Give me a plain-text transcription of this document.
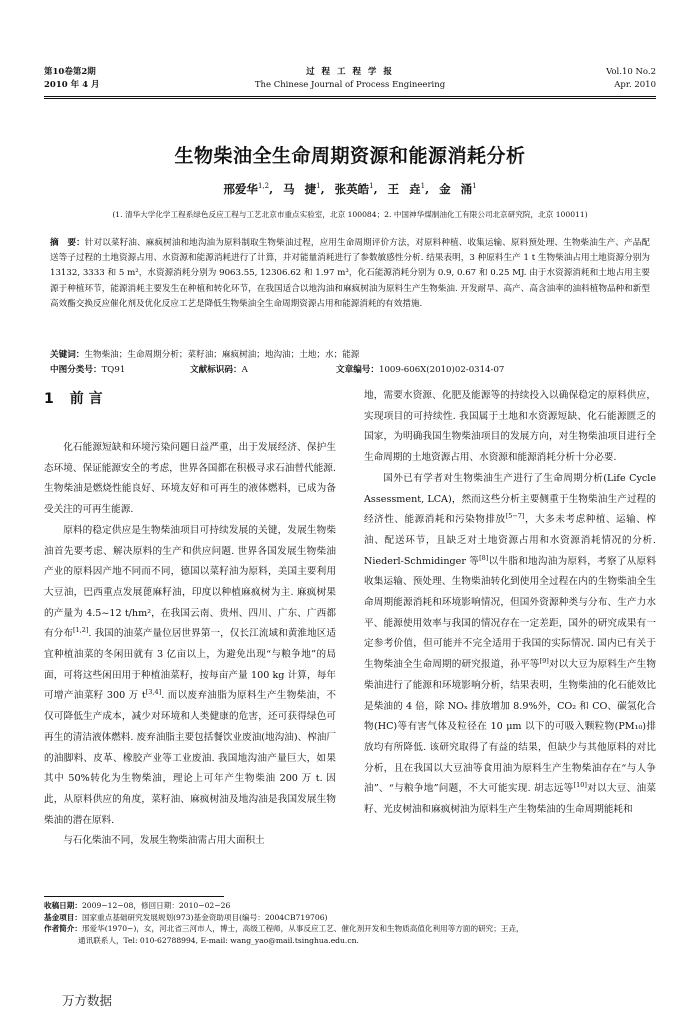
第10卷第2期
2010 年 4 月
过 程 工 程 学 报
The Chinese Journal of Process Engineering
Vol.10 No.2
Apr. 2010
生物柴油全生命周期资源和能源消耗分析
邢爱华$^{1,2}$, 马 捷$^1$, 张英皓$^1$, 王 垚$^1$, 金 涌$^1$
(1. 清华大学化学工程系绿色反应工程与工艺北京市重点实验室，北京 100084；2. 中国神华煤制油化工有限公司北京研究院，北京 100011)
摘　要：针对以菜籽油、麻疯树油和地沟油为原料制取生物柴油过程，应用生命周期评价方法，对原料种植、收集运输、原料预处理、生物柴油生产、产品配送等子过程的土地资源占用、水资源和能源消耗进行了计算，并对能量消耗进行了参数敏感性分析. 结果表明，3 种原料生产 1 t 生物柴油占用土地资源分别为 13132, 3333 和 5 m²，水资源消耗分别为 9063.55, 12306.62 和 1.97 m³，化石能源消耗分别为 0.9, 0.67 和 0.25 MJ. 由于水资源消耗和土地占用主要源于种植环节，能源消耗主要发生在种植和转化环节，在我国适合以地沟油和麻疯树油为原料生产生物柴油. 开发耐旱、高产、高含油率的油料植物品种和新型高效酯交换反应催化剂及优化反应工艺是降低生物柴油全生命周期资源占用和能源消耗的有效措施.
关键词：生物柴油；生命周期分析；菜籽油；麻疯树油；地沟油；土地；水；能源
中图分类号：TQ91	文献标识码：A	文章编号：1009-606X(2010)02-0314-07
1 前 言

化石能源短缺和环境污染问题日益严重，出于发展经济、保护生态环境、保证能源安全的考虑，世界各国都在积极寻求石油替代能源. 生物柴油是燃烧性能良好、环境友好和可再生的液体燃料，已成为备受关注的可再生能源.

原料的稳定供应是生物柴油项目可持续发展的关键，发展生物柴油首先要考虑、解决原料的生产和供应问题. 世界各国发展生物柴油产业的原料因产地不同而不同，德国以菜籽油为原料，美国主要利用大豆油，巴西重点发展蓖麻籽油，印度以种植麻疯树为主. 麻疯树果的产量为 4.5~12 t/hm²，在我国云南、贵州、四川、广东、广西都有分布[1,2]. 我国的油菜产量位居世界第一，仅长江流域和黄淮地区适宜种植油菜的冬闲田就有 3 亿亩以上，为避免出现“与粮争地”的局面，可将这些闲田用于种植油菜籽，按每亩产量 100 kg 计算，每年可增产油菜籽 300 万 t[3,4]. 而以废弃油脂为原料生产生物柴油，不仅可降低生产成本，减少对环境和人类健康的危害，还可获得绿色可再生的清洁液体燃料. 废弃油脂主要包括餐饮业废油(地沟油)、榨油厂的油脚料、皮革、橡胶产业等工业废油. 我国地沟油产量巨大，如果其中 50%转化为生物柴油，理论上可年产生物柴油 200 万 t. 因此，从原料供应的角度，菜籽油、麻疯树油及地沟油是我国发展生物柴油的潜在原料.

与石化柴油不同，发展生物柴油需占用大面积土

地，需要水资源、化肥及能源等的持续投入以确保稳定的原料供应，实现项目的可持续性. 我国属于土地和水资源短缺、化石能源匮乏的国家，为明确我国生物柴油项目的发展方向，对生物柴油项目进行全生命周期的土地资源占用、水资源和能源消耗分析十分必要.

国外已有学者对生物柴油生产进行了生命周期分析(Life Cycle Assessment, LCA)，然而这些分析主要侧重于生物柴油生产过程的经济性、能源消耗和污染物排放[5−7]，大多未考虑种植、运输、榨油、配送环节，且缺乏对土地资源占用和水资源消耗情况的分析. Niederl-Schmidinger 等[8]以牛脂和地沟油为原料，考察了从原料收集运输、预处理、生物柴油转化到使用全过程在内的生物柴油全生命周期能源消耗和环境影响情况，但国外资源种类与分布、生产力水平、能源使用效率与我国的情况存在一定差距，国外的研究成果有一定参考价值，但可能并不完全适用于我国的实际情况. 国内已有关于生物柴油全生命周期的研究报道，孙平等[9]对以大豆为原料生产生物柴油进行了能源和环境影响分析，结果表明，生物柴油的化石能效比是柴油的 4 倍，除 NOₓ 排放增加 8.9%外，CO₂ 和 CO、碳氢化合物(HC)等有害气体及粒径在 10 μm 以下的可吸入颗粒物(PM₁₀)排放均有所降低. 该研究取得了有益的结果，但缺少与其他原料的对比分析，且在我国以大豆油等食用油为原料生产生物柴油存在“与人争油”、“与粮争地”问题，不大可能实现. 胡志远等[10]对以大豆、油菜籽、光皮树油和麻疯树油为原料生产生物柴油的生命周期能耗和

收稿日期：2009−12−08，修回日期：2010−02−26
基金项目：国家重点基础研究发展规划(973)基金资助项目(编号：2004CB719706)
作者简介：邢爱华(1970−)，女，河北省三河市人，博士，高级工程师，从事反应工艺、催化剂开发和生物质高值化利用等方面的研究；王垚，
通讯联系人，Tel: 010-62788994, E-mail: wang_yao@mail.tsinghua.edu.cn.
万方数据
